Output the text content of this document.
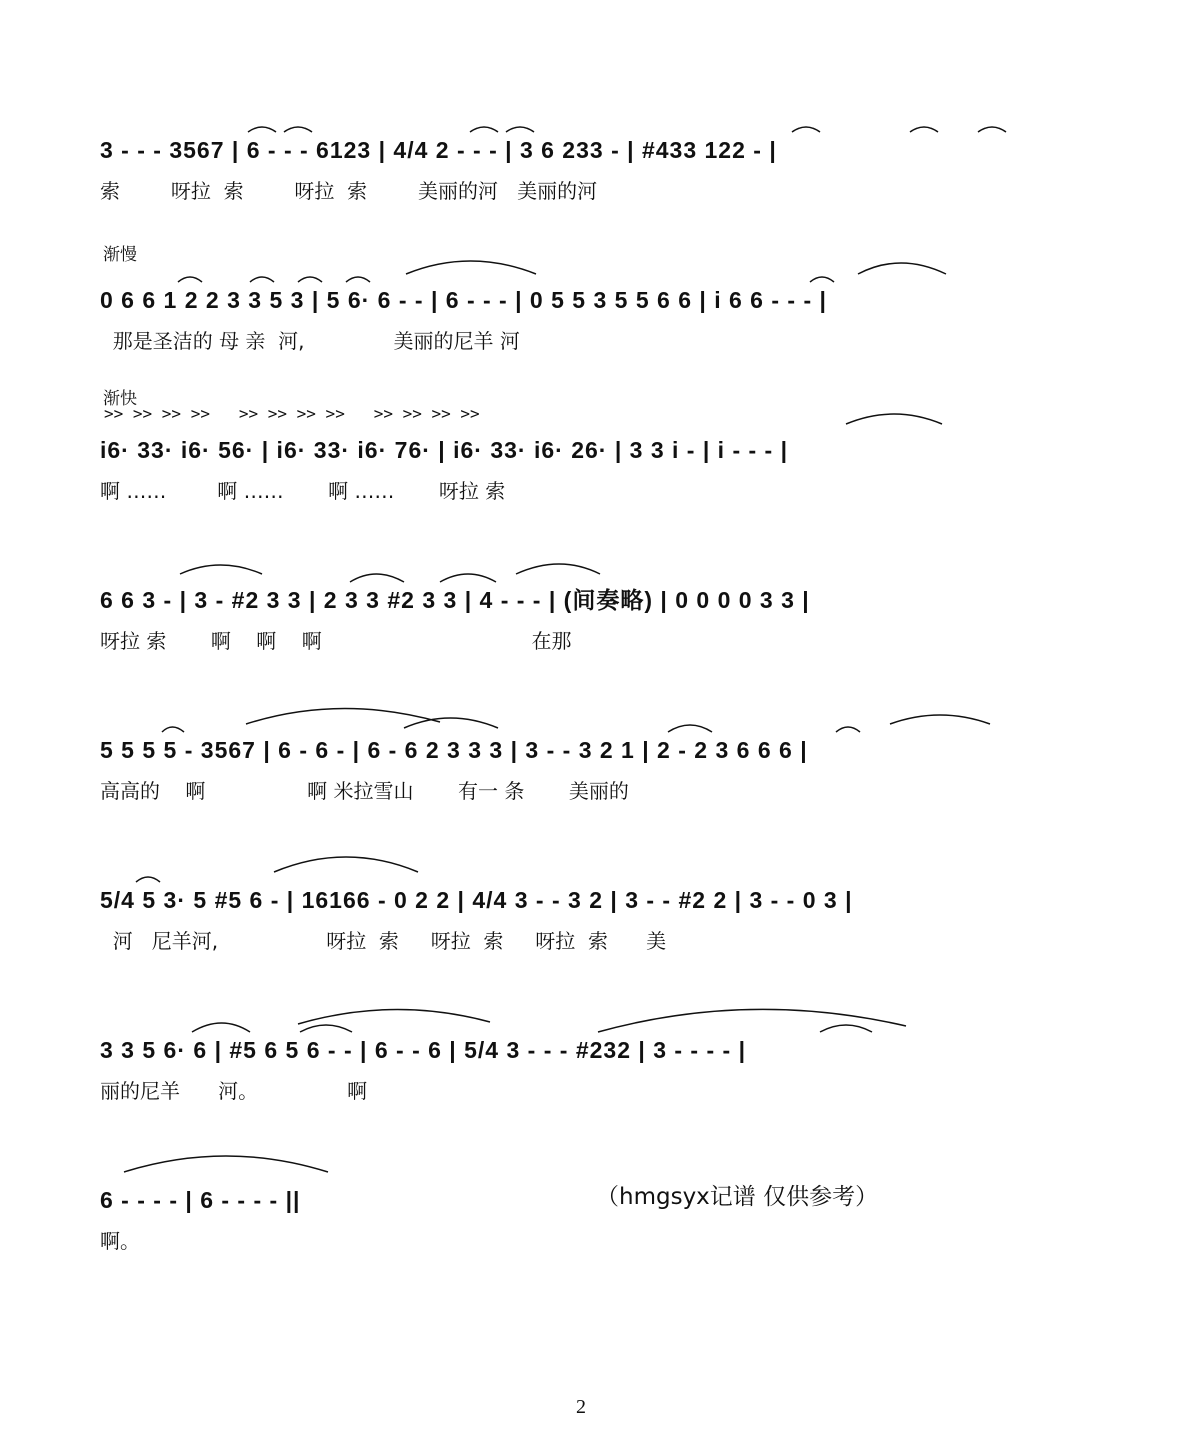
3 - - - 3567 | 6 - - - 6123 | 4/4 2 - - - | 3 6 233 - | #433 122 - |
索        呀拉  索        呀拉  索        美丽的河   美丽的河
渐慢
0 6 6 1 2 2 3 3 5 3 | 5 6· 6 - - | 6 - - - | 0 5 5 3 5 5 6 6 | i 6 6 - - - |
那是圣洁的 母 亲  河,              美丽的尼羊 河
渐快
>> >> >> >>   >> >> >> >>   >> >> >> >>
i6· 33· i6· 56· | i6· 33· i6· 76· | i6· 33· i6· 26· | 3 3 i - | i - - - |
啊 ……        啊 ……       啊 ……       呀拉 索
6 6 3 - | 3 - #2 3 3 | 2 3 3 #2 3 3 | 4 - - - | (间奏略) | 0 0 0 0 3 3 |
呀拉 索       啊    啊    啊                                 在那
5 5 5 5 - 3567 | 6 - 6 - | 6 - 6 2 3 3 3 | 3 - - 3 2 1 | 2 - 2 3 6 6 6 |
高高的    啊                啊 米拉雪山       有一 条       美丽的
5/4 5 3· 5 #5 6 - | 16166 - 0 2 2 | 4/4 3 - - 3 2 | 3 - - #2 2 | 3 - - 0 3 |
河   尼羊河,                 呀拉  索     呀拉  索     呀拉  索      美
3 3 5 6· 6 | #5 6 5 6 - - | 6 - - 6 | 5/4 3 - - - #232 | 3 - - - - |
丽的尼羊      河。              啊
6 - - - - | 6 - - - - ||
啊。
（hmgsyx记谱 仅供参考）
2
